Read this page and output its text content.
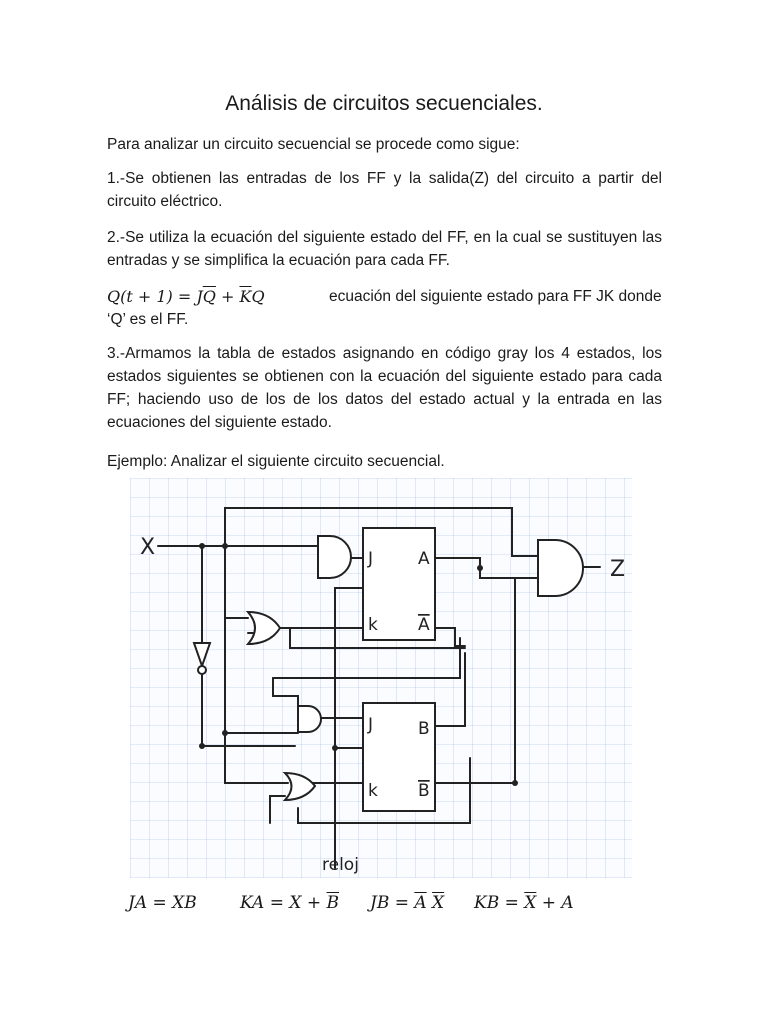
Análisis de circuitos secuenciales.
Para analizar un circuito secuencial se procede como sigue:
1.-Se obtienen las entradas de los FF y la salida(Z) del circuito a partir del circuito eléctrico.
2.-Se utiliza la ecuación del siguiente estado del FF, en la cual se sustituyen las entradas y se simplifica la ecuación para cada FF.
$Q(t + 1) = J\overline{Q} + \overline{K}Q$	ecuación del siguiente estado para FF JK donde
‘Q’ es el FF.
3.-Armamos la tabla de estados asignando en código gray los 4 estados, los estados siguientes se obtienen con la ecuación del siguiente estado para cada FF; haciendo uso de los de los datos del estado actual y la entrada en las ecuaciones del siguiente estado.
Ejemplo: Analizar el siguiente circuito secuencial.
X
Z
reloj
J
k
A
A
J
k
B
B
JA = XB	KA = $X + \overline{B}$ JB = $\overline{A}$ $\overline{X}$ KB = $\overline{X} + A$
